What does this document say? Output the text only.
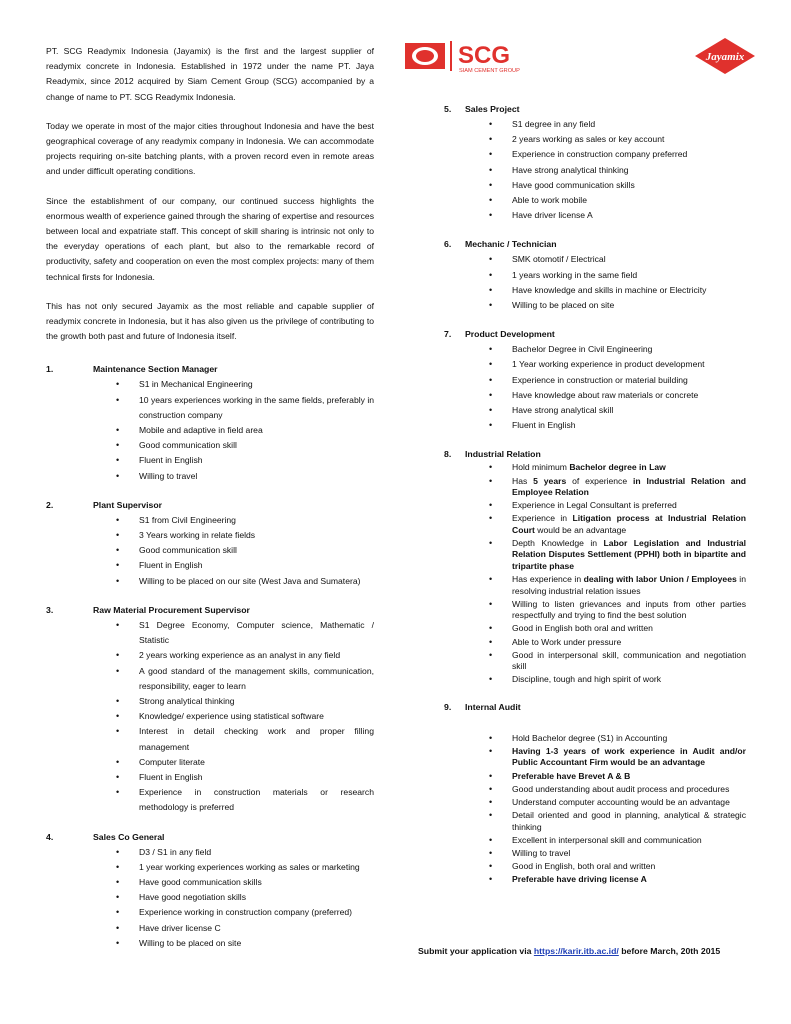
PT. SCG Readymix Indonesia (Jayamix) is the first and the largest supplier of readymix concrete in Indonesia. Established in 1972 under the name PT. Jaya Readymix, since 2012 acquired by Siam Cement Group (SCG) accompanied by a change of name to PT. SCG Readymix Indonesia.

Today we operate in most of the major cities throughout Indonesia and have the best geographical coverage of any readymix company in Indonesia. We can accommodate projects requiring on-site batching plants, with a proven record even in remote areas and under difficult operating conditions.

Since the establishment of our company, our continued success highlights the enormous wealth of experience gained through the sharing of expertise and resources between local and expatriate staff. This concept of skill sharing is intrinsic not only to the everyday operations of each plant, but also to the remarkable record of productivity, safety and cooperation on even the most complex projects: many of them technical firsts for Indonesia.

This has not only secured Jayamix as the most reliable and capable supplier of readymix concrete in Indonesia, but it has also given us the privilege of contributing to the growth both past and future of Indonesia itself.

1.	Maintenance Section Manager
• S1 in Mechanical Engineering
• 10 years experiences working in the same fields, preferably in construction company
• Mobile and adaptive in field area
• Good communication skill
• Fluent in English
• Willing to travel
2.	Plant Supervisor
• S1 from Civil Engineering
• 3 Years working in relate fields
• Good communication skill
• Fluent in English
• Willing to be placed on our site (West Java and Sumatera)
3.	Raw Material Procurement Supervisor
• S1 Degree Economy, Computer science, Mathematic / Statistic
• 2 years working experience as an analyst in any field
• A good standard of the management skills, communication, responsibility, eager to learn
• Strong analytical thinking
• Knowledge/ experience using statistical software
• Interest in detail checking work and proper filling management
• Computer literate
• Fluent in English
• Experience in construction materials or research methodology is preferred
4.	Sales Co General
• D3 / S1 in any field
• 1 year working experiences working as sales or marketing
• Have good communication skills
• Have good negotiation skills
• Experience working in construction company (preferred)
• Have driver license C
• Willing to be placed on site
SCG
SIAM CEMENT GROUP
Jayamix
5. Sales Project
• S1 degree in any field
• 2 years working as sales or key account
• Experience in construction company preferred
• Have strong analytical thinking
• Have good communication skills
• Able to work mobile
• Have driver license A
6. Mechanic / Technician
• SMK otomotif / Electrical
• 1 years working in the same field
• Have knowledge and skills in machine or Electricity
• Willing to be placed on site
7. Product Development
• Bachelor Degree in Civil Engineering
• 1 Year working experience in product development
• Experience in construction or material building
• Have knowledge about raw materials or concrete
• Have strong analytical skill
• Fluent in English
8. Industrial Relation
• Hold minimum Bachelor degree in Law
• Has 5 years of experience in Industrial Relation and Employee Relation
• Experience in Legal Consultant is preferred
• Experience in Litigation process at Industrial Relation Court would be an advantage
• Depth Knowledge in Labor Legislation and Industrial Relation Disputes Settlement (PPHI) both in bipartite and tripartite phase
• Has experience in dealing with labor Union / Employees in resolving industrial relation issues
• Willing to listen grievances and inputs from other parties respectfully and trying to find the best solution
• Good in English both oral and written
• Able to Work under pressure
• Good in interpersonal skill, communication and negotiation skill
• Discipline, tough and high spirit of work
9. Internal Audit
• Hold Bachelor degree (S1) in Accounting
• Having 1-3 years of work experience in Audit and/or Public Accountant Firm would be an advantage
• Preferable have Brevet A & B
• Good understanding about audit process and procedures
• Understand computer accounting would be an advantage
• Detail oriented and good in planning, analytical & strategic thinking
• Excellent in interpersonal skill and communication
• Willing to travel
• Good in English, both oral and written
• Preferable have driving license A
Submit your application via https://karir.itb.ac.id/ before March, 20th 2015
